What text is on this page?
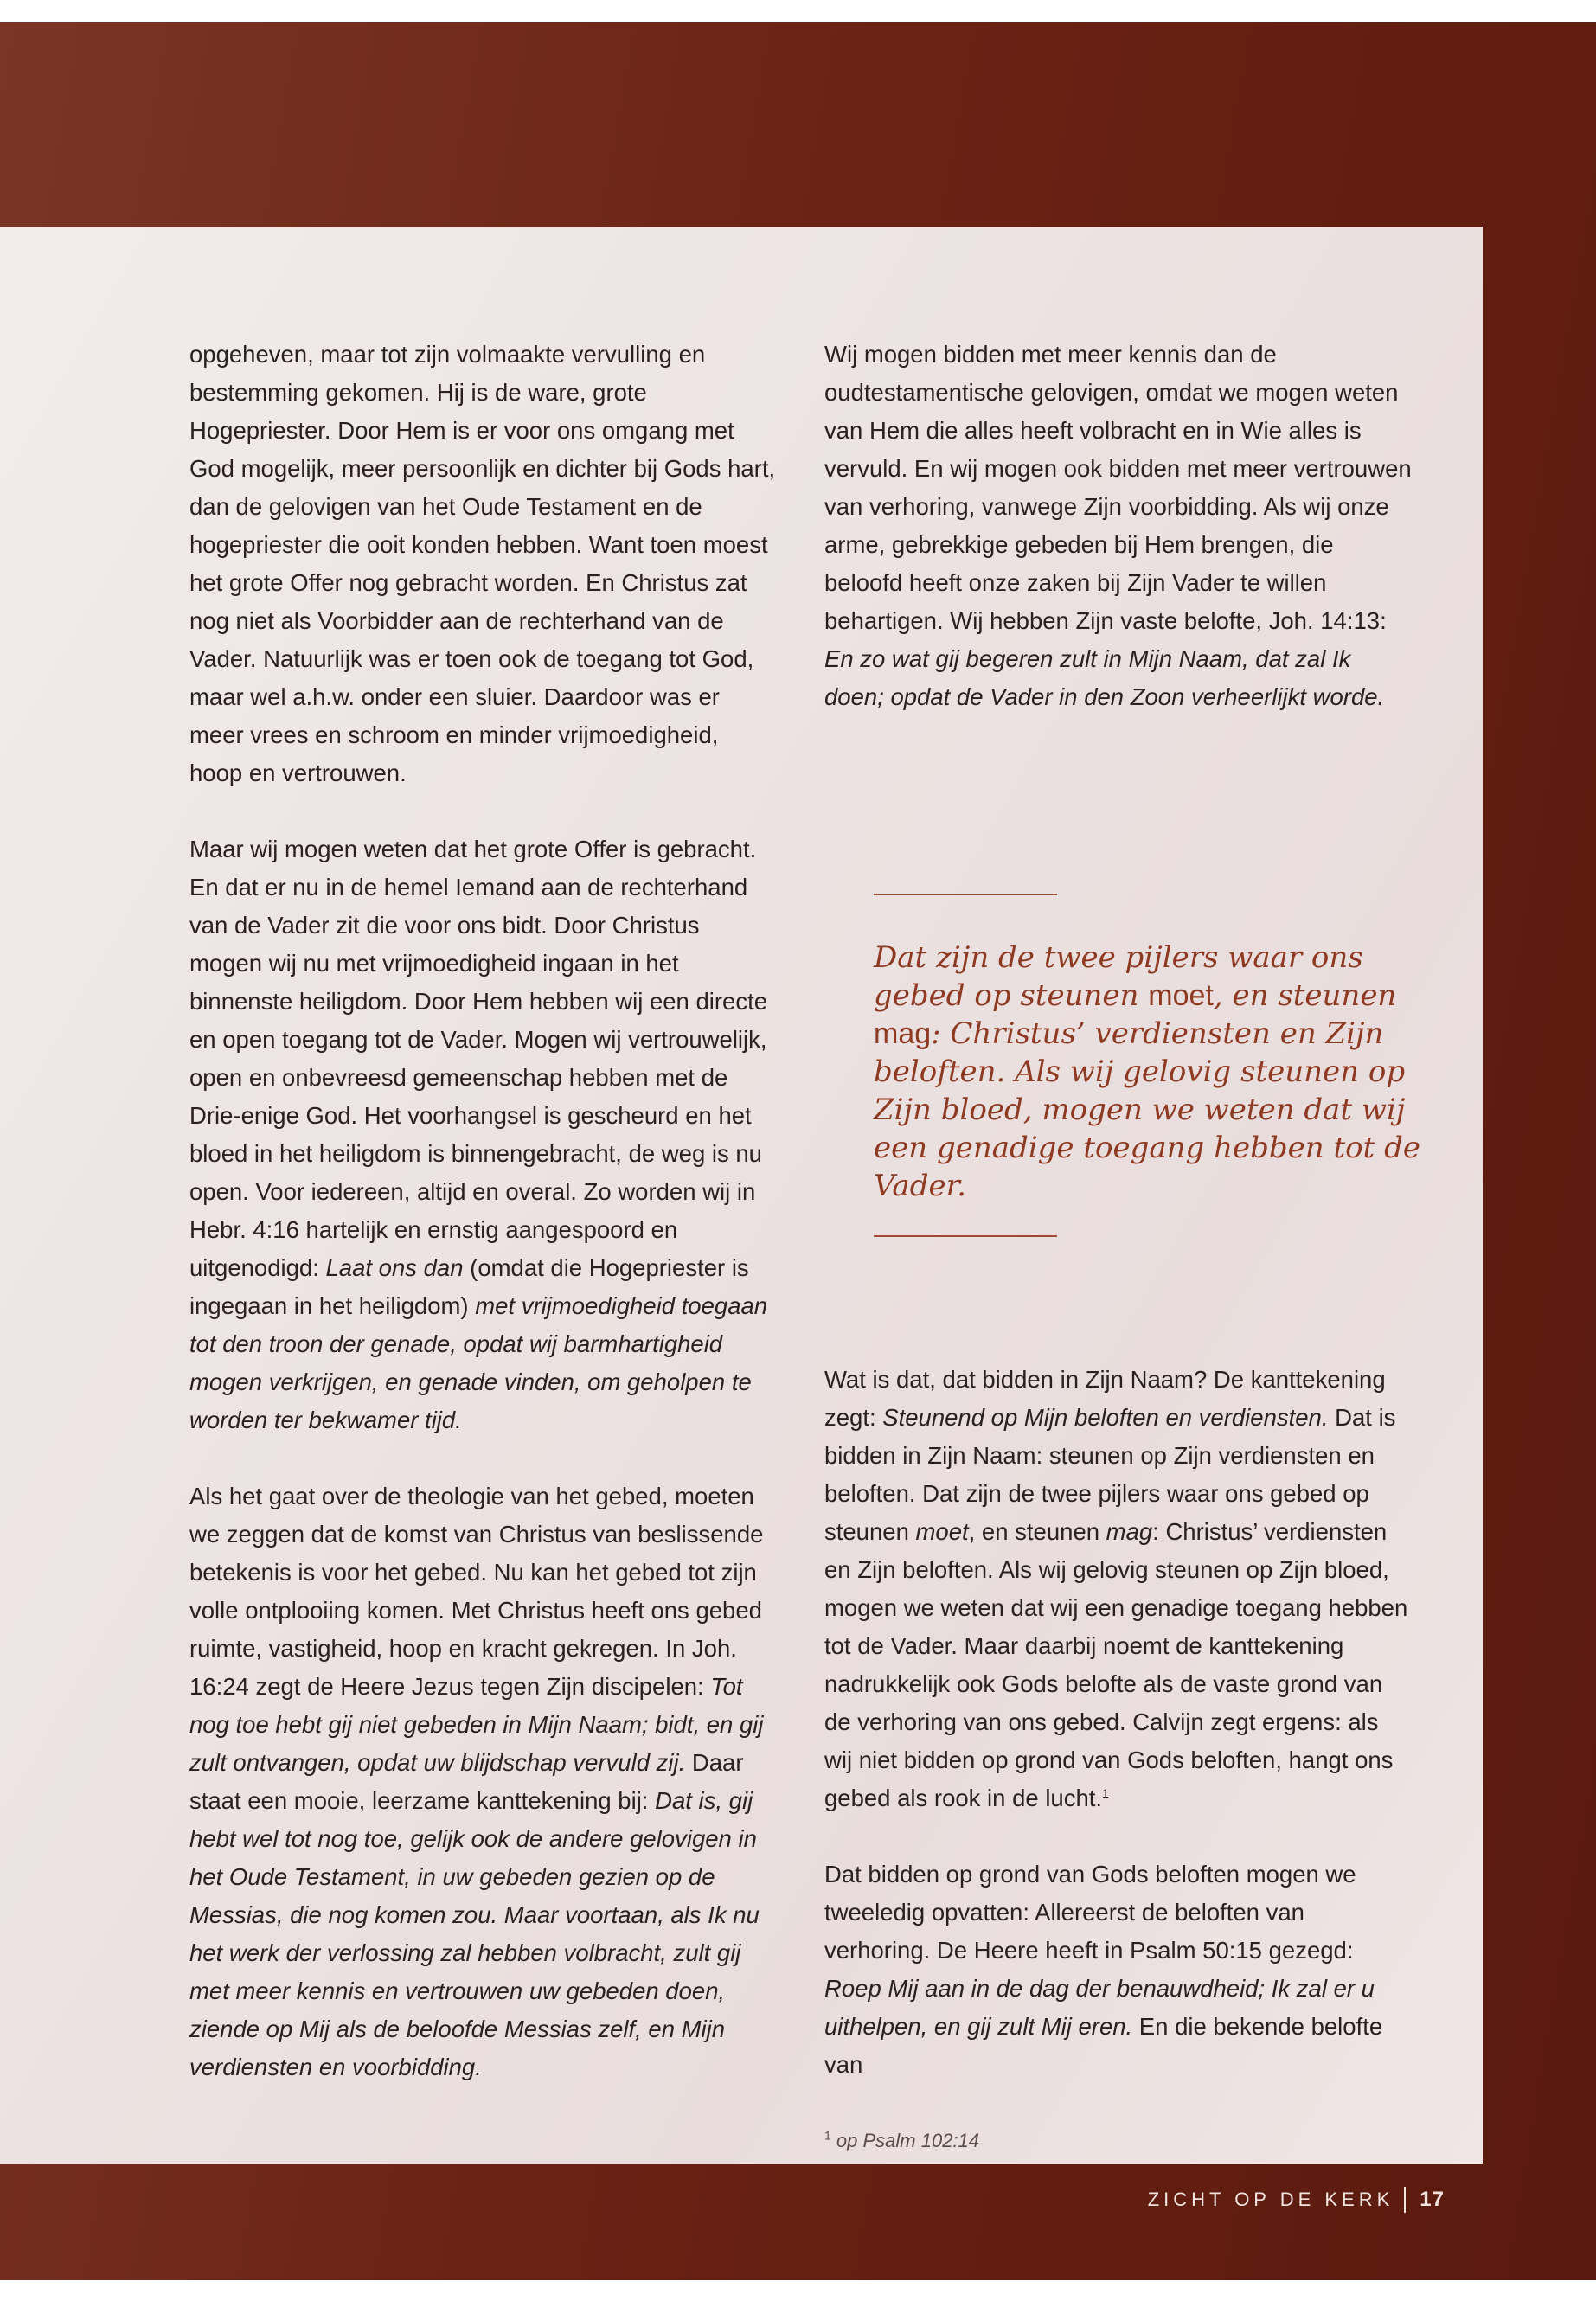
opgeheven, maar tot zijn volmaakte vervulling en bestemming gekomen. Hij is de ware, grote Hogepriester. Door Hem is er voor ons omgang met God mogelijk, meer persoonlijk en dichter bij Gods hart, dan de gelovigen van het Oude Testament en de hogepriester die ooit konden hebben. Want toen moest het grote Offer nog gebracht worden. En Christus zat nog niet als Voorbidder aan de rechterhand van de Vader. Natuurlijk was er toen ook de toegang tot God, maar wel a.h.w. onder een sluier. Daardoor was er meer vrees en schroom en minder vrijmoedigheid, hoop en vertrouwen.

Maar wij mogen weten dat het grote Offer is gebracht. En dat er nu in de hemel Iemand aan de rechterhand van de Vader zit die voor ons bidt. Door Christus mogen wij nu met vrijmoedigheid ingaan in het binnenste heiligdom. Door Hem hebben wij een directe en open toegang tot de Vader. Mogen wij vertrouwelijk, open en onbevreesd gemeenschap hebben met de Drie-enige God. Het voorhangsel is gescheurd en het bloed in het heiligdom is binnengebracht, de weg is nu open. Voor iedereen, altijd en overal. Zo worden wij in Hebr. 4:16 hartelijk en ernstig aangespoord en uitgenodigd: Laat ons dan (omdat die Hogepriester is ingegaan in het heiligdom) met vrijmoedigheid toegaan tot den troon der genade, opdat wij barmhartigheid mogen verkrijgen, en genade vinden, om geholpen te worden ter bekwamer tijd.

Als het gaat over de theologie van het gebed, moeten we zeggen dat de komst van Christus van beslissende betekenis is voor het gebed. Nu kan het gebed tot zijn volle ontplooiing komen. Met Christus heeft ons gebed ruimte, vastigheid, hoop en kracht gekregen. In Joh. 16:24 zegt de Heere Jezus tegen Zijn discipelen: Tot nog toe hebt gij niet gebeden in Mijn Naam; bidt, en gij zult ontvangen, opdat uw blijdschap vervuld zij. Daar staat een mooie, leerzame kanttekening bij: Dat is, gij hebt wel tot nog toe, gelijk ook de andere gelovigen in het Oude Testament, in uw gebeden gezien op de Messias, die nog komen zou. Maar voortaan, als Ik nu het werk der verlossing zal hebben volbracht, zult gij met meer kennis en vertrouwen uw gebeden doen, ziende op Mij als de beloofde Messias zelf, en Mijn verdiensten en voorbidding.

Wij mogen bidden met meer kennis dan de oudtestamentische gelovigen, omdat we mogen weten van Hem die alles heeft volbracht en in Wie alles is vervuld. En wij mogen ook bidden met meer vertrouwen van verhoring, vanwege Zijn voorbidding. Als wij onze arme, gebrekkige gebeden bij Hem brengen, die beloofd heeft onze zaken bij Zijn Vader te willen behartigen. Wij hebben Zijn vaste belofte, Joh. 14:13: En zo wat gij begeren zult in Mijn Naam, dat zal Ik doen; opdat de Vader in den Zoon verheerlijkt worde.

Dat zijn de twee pijlers waar ons gebed op steunen moet, en steunen mag: Christus’ verdiensten en Zijn beloften. Als wij gelovig steunen op Zijn bloed, mogen we weten dat wij een genadige toegang hebben tot de Vader.

Wat is dat, dat bidden in Zijn Naam? De kanttekening zegt: Steunend op Mijn beloften en verdiensten. Dat is bidden in Zijn Naam: steunen op Zijn verdiensten en beloften. Dat zijn de twee pijlers waar ons gebed op steunen moet, en steunen mag: Christus’ verdiensten en Zijn beloften. Als wij gelovig steunen op Zijn bloed, mogen we weten dat wij een genadige toegang hebben tot de Vader. Maar daarbij noemt de kanttekening nadrukkelijk ook Gods belofte als de vaste grond van de verhoring van ons gebed. Calvijn zegt ergens: als wij niet bidden op grond van Gods beloften, hangt ons gebed als rook in de lucht.$^1$

Dat bidden op grond van Gods beloften mogen we tweeledig opvatten: Allereerst de beloften van verhoring. De Heere heeft in Psalm 50:15 gezegd: Roep Mij aan in de dag der benauwdheid; Ik zal er u uithelpen, en gij zult Mij eren. En die bekende belofte van

$^1$ op Psalm 102:14
ZICHT OP DE KERK 17
